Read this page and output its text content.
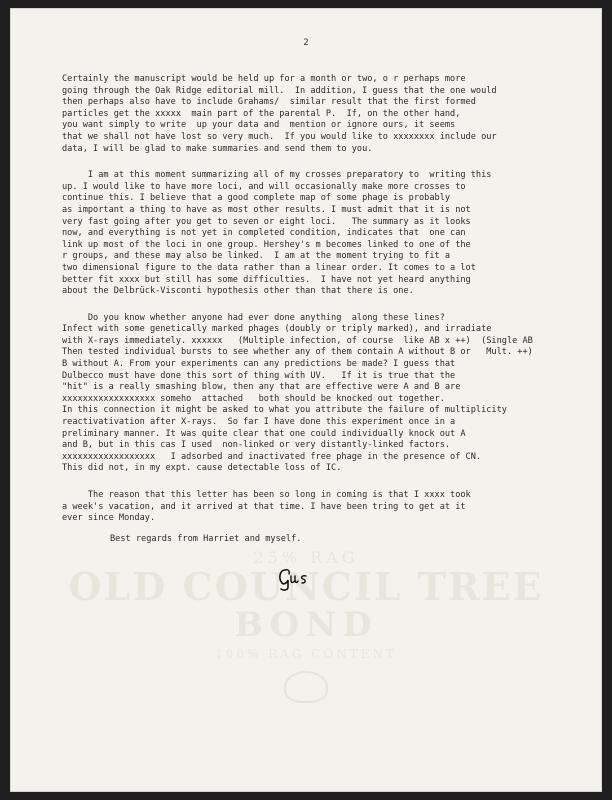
25% RAG
OLD COUNCIL TREE
BOND
100% RAG CONTENT
2
Certainly the manuscript would be held up for a month or two, o r perhaps more
going through the Oak Ridge editorial mill.  In addition, I guess that the one would
then perhaps also have to include Grahams/  similar result that the first formed
particles get the xxxxx  main part of the parental P.  If, on the other hand,
you want simply to write  up your data and  mention or ignore ours, it seems
that we shall not have lost so very much.  If you would like to xxxxxxxx include our
data, I will be glad to make summaries and send them to you.
I am at this moment summarizing all of my crosses preparatory to  writing this
up. I would like to have more loci, and will occasionally make more crosses to
continue this. I believe that a good complete map of some phage is probably
as important a thing to have as most other results. I must admit that it is not
very fast going after you get to seven or eight loci.   The summary as it looks
now, and everything is not yet in completed condition, indicates that  one can
link up most of the loci in one group. Hershey's m becomes linked to one of the
r groups, and these may also be linked.  I am at the moment trying to fit a
two dimensional figure to the data rather than a linear order. It comes to a lot
better fit xxxx but still has some difficulties.  I have not yet heard anything
about the Delbrück-Visconti hypothesis other than that there is one.
Do you know whether anyone had ever done anything  along these lines?
Infect with some genetically marked phages (doubly or triply marked), and irradiate
with X-rays immediately. xxxxxx   (Multiple infection, of course  like AB x ++)  (Single AB
Then tested individual bursts to see whether any of them contain A without B or   Mult. ++)
B without A. From your experiments can any predictions be made? I guess that
Dulbecco must have done this sort of thing with UV.   If it is true that the
"hit" is a really smashing blow, then any that are effective were A and B are
xxxxxxxxxxxxxxxxxx someho  attached   both should be knocked out together.
In this connection it might be asked to what you attribute the failure of multiplicity
reactivativation after X-rays.  So far I have done this experiment once in a
preliminary manner. It was quite clear that one could individually knock out A
and B, but in this cas I used  non-linked or very distantly-linked factors.
xxxxxxxxxxxxxxxxxx   I adsorbed and inactivated free phage in the presence of CN.
This did not, in my expt. cause detectable loss of IC.
The reason that this letter has been so long in coming is that I xxxx took
a week's vacation, and it arrived at that time. I have been tring to get at it
ever since Monday.
Best regards from Harriet and myself.
